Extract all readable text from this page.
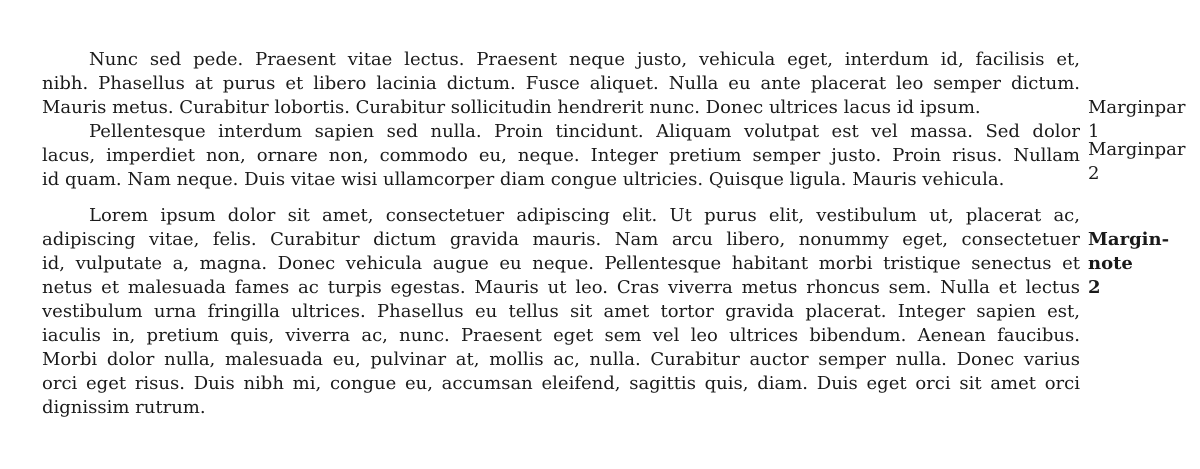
Nunc sed pede. Praesent vitae lectus. Praesent neque justo, vehicula eget, interdum id, facilisis et,

nibh. Phasellus at purus et libero lacinia dictum. Fusce aliquet. Nulla eu ante placerat leo semper dictum.

Mauris metus. Curabitur lobortis. Curabitur sollicitudin hendrerit nunc. Donec ultrices lacus id ipsum.

Pellentesque interdum sapien sed nulla. Proin tincidunt. Aliquam volutpat est vel massa. Sed dolor

lacus, imperdiet non, ornare non, commodo eu, neque. Integer pretium semper justo. Proin risus. Nullam

id quam. Nam neque. Duis vitae wisi ullamcorper diam congue ultricies. Quisque ligula. Mauris vehicula.

Lorem ipsum dolor sit amet, consectetuer adipiscing elit. Ut purus elit, vestibulum ut, placerat ac,

adipiscing vitae, felis. Curabitur dictum gravida mauris. Nam arcu libero, nonummy eget, consectetuer

id, vulputate a, magna. Donec vehicula augue eu neque. Pellentesque habitant morbi tristique senectus et

netus et malesuada fames ac turpis egestas. Mauris ut leo. Cras viverra metus rhoncus sem. Nulla et lectus

vestibulum urna fringilla ultrices. Phasellus eu tellus sit amet tortor gravida placerat. Integer sapien est,

iaculis in, pretium quis, viverra ac, nunc. Praesent eget sem vel leo ultrices bibendum. Aenean faucibus.

Morbi dolor nulla, malesuada eu, pulvinar at, mollis ac, nulla. Curabitur auctor semper nulla. Donec varius

orci eget risus. Duis nibh mi, congue eu, accumsan eleifend, sagittis quis, diam. Duis eget orci sit amet orci

dignissim rutrum.

Marginpar

1

Marginpar

2

Margin-

note

2
